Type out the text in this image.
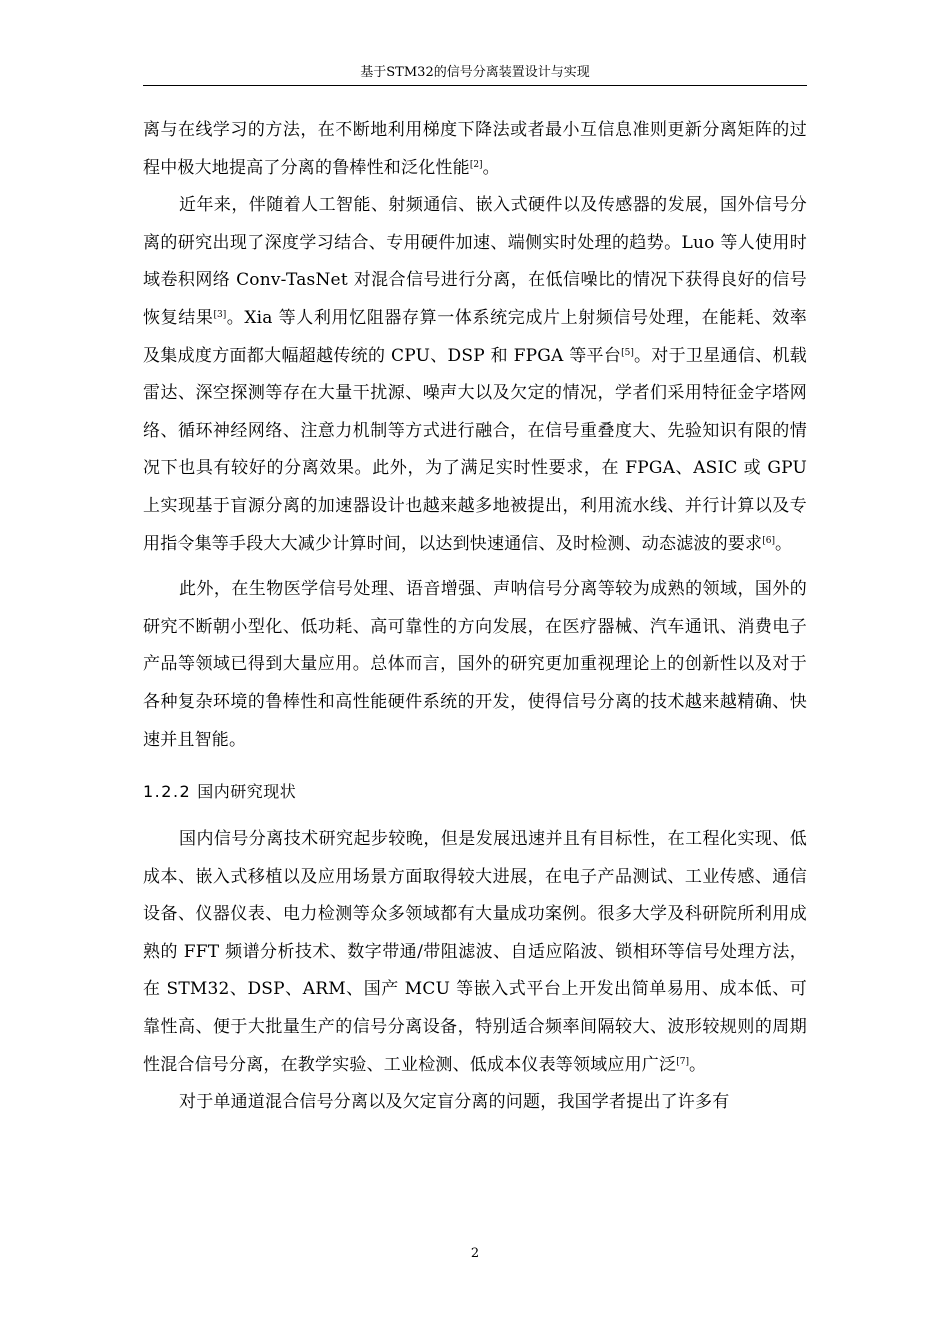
基于STM32的信号分离装置设计与实现

离与在线学习的方法，在不断地利用梯度下降法或者最小互信息准则更新分离矩阵的过程中极大地提高了分离的鲁棒性和泛化性能[2]。

近年来，伴随着人工智能、射频通信、嵌入式硬件以及传感器的发展，国外信号分离的研究出现了深度学习结合、专用硬件加速、端侧实时处理的趋势。Luo 等人使用时域卷积网络 Conv-TasNet 对混合信号进行分离，在低信噪比的情况下获得良好的信号恢复结果[3]。Xia 等人利用忆阻器存算一体系统完成片上射频信号处理，在能耗、效率及集成度方面都大幅超越传统的 CPU、DSP 和 FPGA 等平台[5]。对于卫星通信、机载雷达、深空探测等存在大量干扰源、噪声大以及欠定的情况，学者们采用特征金字塔网络、循环神经网络、注意力机制等方式进行融合，在信号重叠度大、先验知识有限的情况下也具有较好的分离效果。此外，为了满足实时性要求，在 FPGA、ASIC 或 GPU 上实现基于盲源分离的加速器设计也越来越多地被提出，利用流水线、并行计算以及专用指令集等手段大大减少计算时间，以达到快速通信、及时检测、动态滤波的要求[6]。

此外，在生物医学信号处理、语音增强、声呐信号分离等较为成熟的领域，国外的研究不断朝小型化、低功耗、高可靠性的方向发展，在医疗器械、汽车通讯、消费电子产品等领域已得到大量应用。总体而言，国外的研究更加重视理论上的创新性以及对于各种复杂环境的鲁棒性和高性能硬件系统的开发，使得信号分离的技术越来越精确、快速并且智能。

1.2.2 国内研究现状

国内信号分离技术研究起步较晚，但是发展迅速并且有目标性，在工程化实现、低成本、嵌入式移植以及应用场景方面取得较大进展，在电子产品测试、工业传感、通信设备、仪器仪表、电力检测等众多领域都有大量成功案例。很多大学及科研院所利用成熟的 FFT 频谱分析技术、数字带通/带阻滤波、自适应陷波、锁相环等信号处理方法，在 STM32、DSP、ARM、国产 MCU 等嵌入式平台上开发出简单易用、成本低、可靠性高、便于大批量生产的信号分离设备，特别适合频率间隔较大、波形较规则的周期性混合信号分离，在教学实验、工业检测、低成本仪表等领域应用广泛[7]。

对于单通道混合信号分离以及欠定盲分离的问题，我国学者提出了许多有

2
